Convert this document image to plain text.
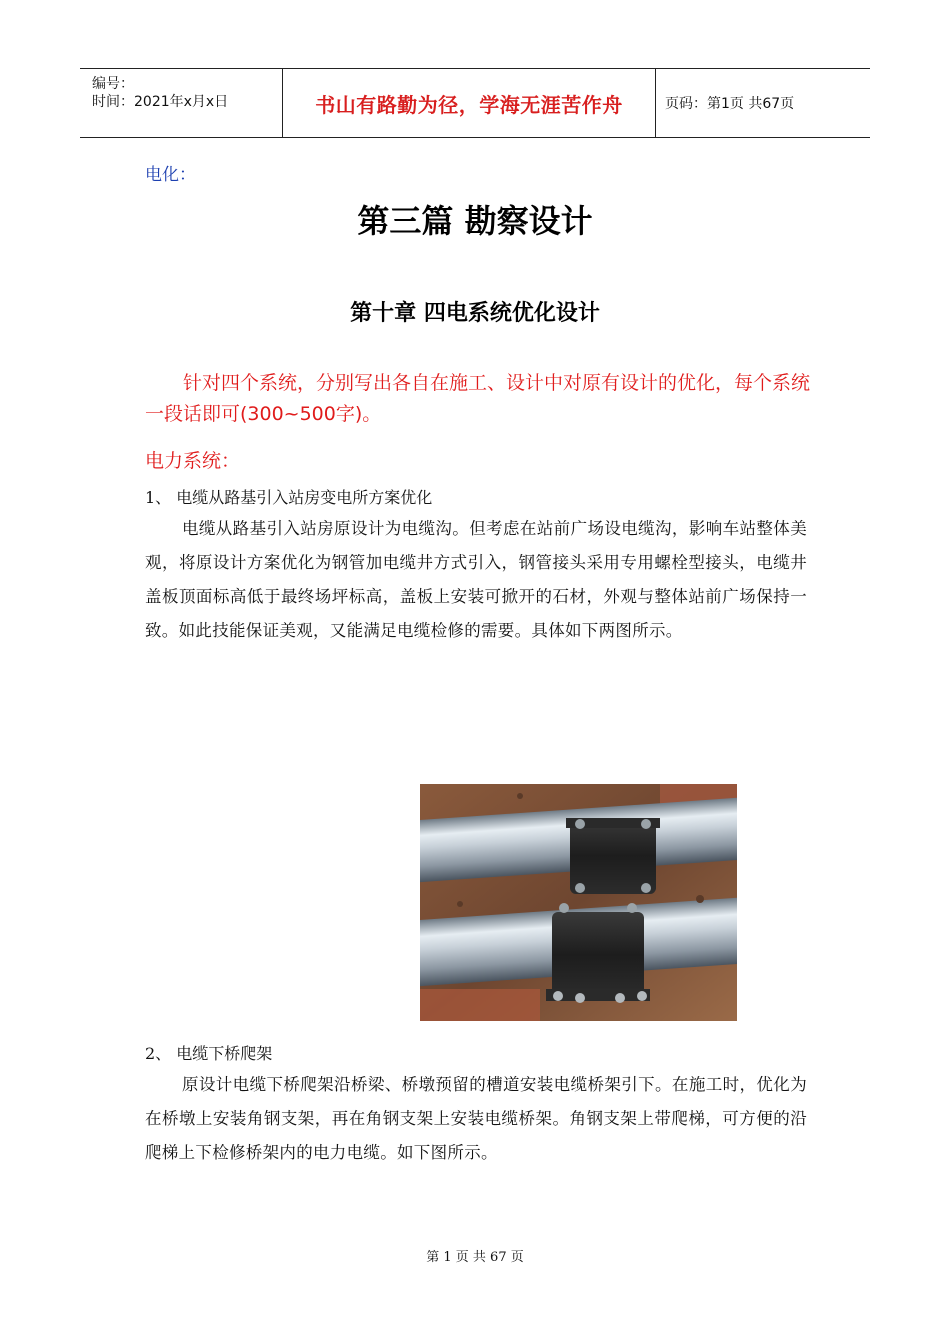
编号：
时间：2021年x月x日	书山有路勤为径，学海无涯苦作舟	页码：第1页 共67页
电化：
第三篇 勘察设计
第十章 四电系统优化设计
针对四个系统，分别写出各自在施工、设计中对原有设计的优化，每个系统一段话即可(300~500字)。
电力系统：
1、 电缆从路基引入站房变电所方案优化
电缆从路基引入站房原设计为电缆沟。但考虑在站前广场设电缆沟，影响车站整体美观，将原设计方案优化为钢管加电缆井方式引入，钢管接头采用专用螺栓型接头，电缆井盖板顶面标高低于最终场坪标高，盖板上安装可掀开的石材，外观与整体站前广场保持一致。如此技能保证美观，又能满足电缆检修的需要。具体如下两图所示。
2、 电缆下桥爬架
原设计电缆下桥爬架沿桥梁、桥墩预留的槽道安装电缆桥架引下。在施工时，优化为在桥墩上安装角钢支架，再在角钢支架上安装电缆桥架。角钢支架上带爬梯，可方便的沿爬梯上下检修桥架内的电力电缆。如下图所示。
第 1 页 共 67 页
